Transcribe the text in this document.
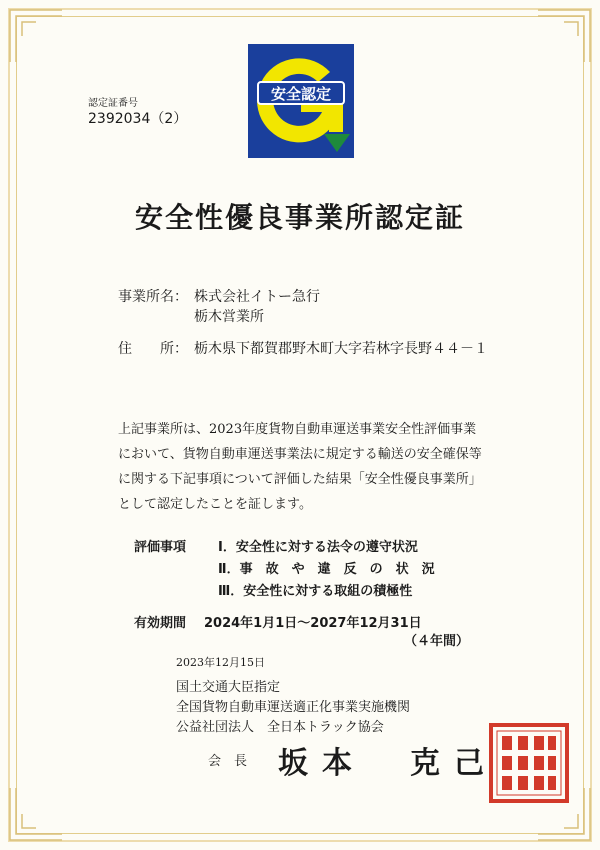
認定証番号
2392034（2）
安全認定
安全性優良事業所認定証
事業所名： 株式会社イトー急行
栃木営業所
住　　所： 栃木県下都賀郡野木町大字若林字長野４４－１
上記事業所は、2023年度貨物自動車運送事業安全性評価事業
において、貨物自動車運送事業法に規定する輸送の安全確保等
に関する下記事項について評価した結果「安全性優良事業所」
として認定したことを証します。
評価事項 Ⅰ．安全性に対する法令の遵守状況
Ⅱ．事　故　や　違　反　の　状　況
Ⅲ．安全性に対する取組の積極性
有効期間 2024年1月1日～2027年12月31日
（４年間）
2023年12月15日
国土交通大臣指定
全国貨物自動車運送適正化事業実施機関
公益社団法人　全日本トラック協会
会　長 坂本　克己
